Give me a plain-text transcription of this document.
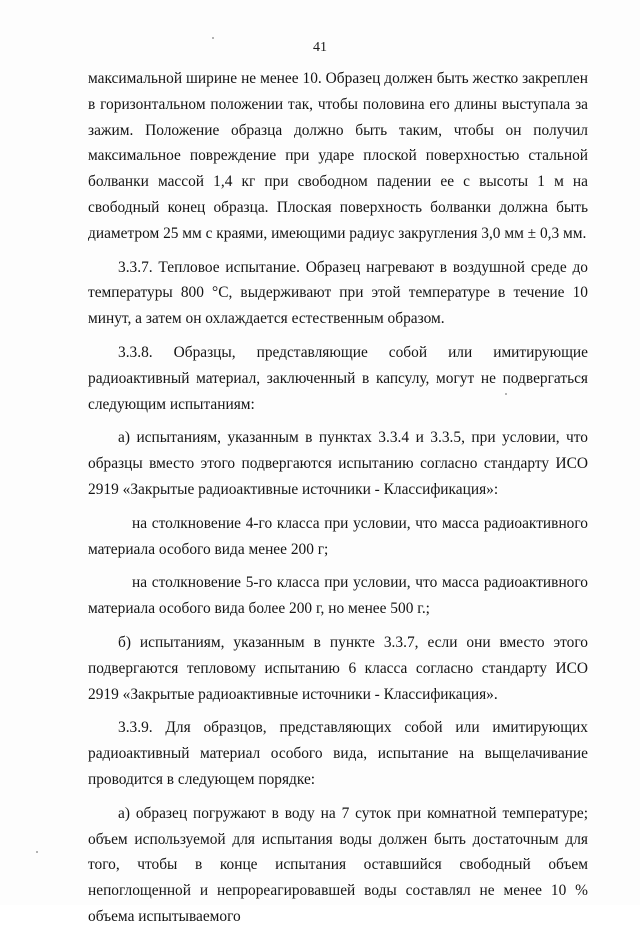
41

максимальной ширине не менее 10. Образец должен быть жестко закреплен в горизонтальном положении так, чтобы половина его длины выступала за зажим. Положение образца должно быть таким, чтобы он получил максимальное повреждение при ударе плоской поверхностью стальной болванки массой 1,4 кг при свободном падении ее с высоты 1 м на свободный конец образца. Плоская поверхность болванки должна быть диаметром 25 мм с краями, имеющими радиус закругления 3,0 мм ± 0,3 мм.

3.3.7. Тепловое испытание. Образец нагревают в воздушной среде до температуры 800 °С, выдерживают при этой температуре в течение 10 минут, а затем он охлаждается естественным образом.

3.3.8. Образцы, представляющие собой или имитирующие радиоактивный материал, заключенный в капсулу, могут не подвергаться следующим испытаниям:

а) испытаниям, указанным в пунктах 3.3.4 и 3.3.5, при условии, что образцы вместо этого подвергаются испытанию согласно стандарту ИСО 2919 «Закрытые радиоактивные источники - Классификация»:

на столкновение 4-го класса при условии, что масса радиоактивного материала особого вида менее 200 г;

на столкновение 5-го класса при условии, что масса радиоактивного материала особого вида более 200 г, но менее 500 г.;

б) испытаниям, указанным в пункте 3.3.7, если они вместо этого подвергаются тепловому испытанию 6 класса согласно стандарту ИСО 2919 «Закрытые радиоактивные источники - Классификация».

3.3.9. Для образцов, представляющих собой или имитирующих радиоактивный материал особого вида, испытание на выщелачивание проводится в следующем порядке:

а) образец погружают в воду на 7 суток при комнатной температуре; объем используемой для испытания воды должен быть достаточным для того, чтобы в конце испытания оставшийся свободный объем непоглощенной и непрореагировавшей воды составлял не менее 10 % объема испытываемого
